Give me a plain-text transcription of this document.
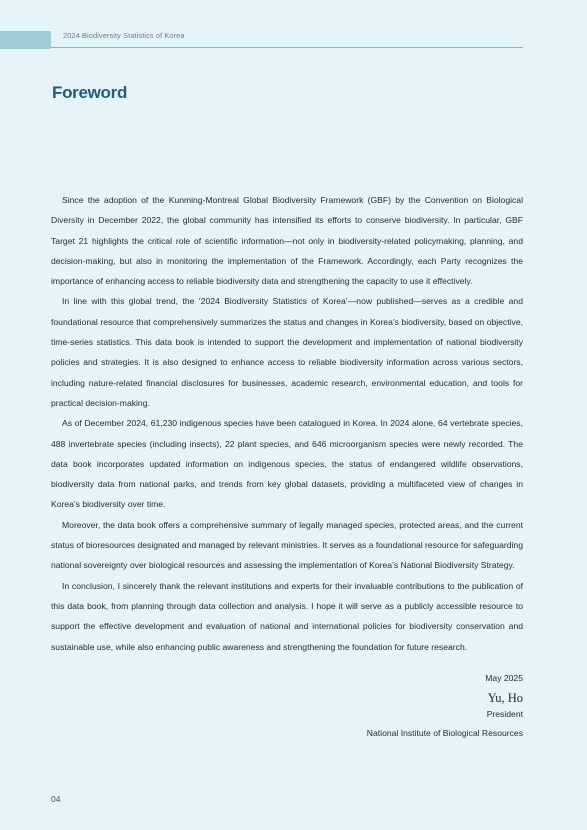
2024 Biodiversity Statistics of Korea
Foreword

Since the adoption of the Kunming-Montreal Global Biodiversity Framework (GBF) by the Convention on Biological Diversity in December 2022, the global community has intensified its efforts to conserve biodiversity. In particular, GBF Target 21 highlights the critical role of scientific information—not only in biodiversity-related policymaking, planning, and decision-making, but also in monitoring the implementation of the Framework. Accordingly, each Party recognizes the importance of enhancing access to reliable biodiversity data and strengthening the capacity to use it effectively.

In line with this global trend, the ‘2024 Biodiversity Statistics of Korea’—now published—serves as a credible and foundational resource that comprehensively summarizes the status and changes in Korea’s biodiversity, based on objective, time-series statistics. This data book is intended to support the development and implementation of national biodiversity policies and strategies. It is also designed to enhance access to reliable biodiversity information across various sectors, including nature-related financial disclosures for businesses, academic research, environmental education, and tools for practical decision-making.

As of December 2024, 61,230 indigenous species have been catalogued in Korea. In 2024 alone, 64 vertebrate species, 488 invertebrate species (including insects), 22 plant species, and 646 microorganism species were newly recorded. The data book incorporates updated information on indigenous species, the status of endangered wildlife observations, biodiversity data from national parks, and trends from key global datasets, providing a multifaceted view of changes in Korea’s biodiversity over time.

Moreover, the data book offers a comprehensive summary of legally managed species, protected areas, and the current status of bioresources designated and managed by relevant ministries. It serves as a foundational resource for safeguarding national sovereignty over biological resources and assessing the implementation of Korea’s National Biodiversity Strategy.

In conclusion, I sincerely thank the relevant institutions and experts for their invaluable contributions to the publication of this data book, from planning through data collection and analysis. I hope it will serve as a publicly accessible resource to support the effective development and evaluation of national and international policies for biodiversity conservation and sustainable use, while also enhancing public awareness and strengthening the foundation for future research.

May 2025
Yu, Ho
President
National Institute of Biological Resources
04
